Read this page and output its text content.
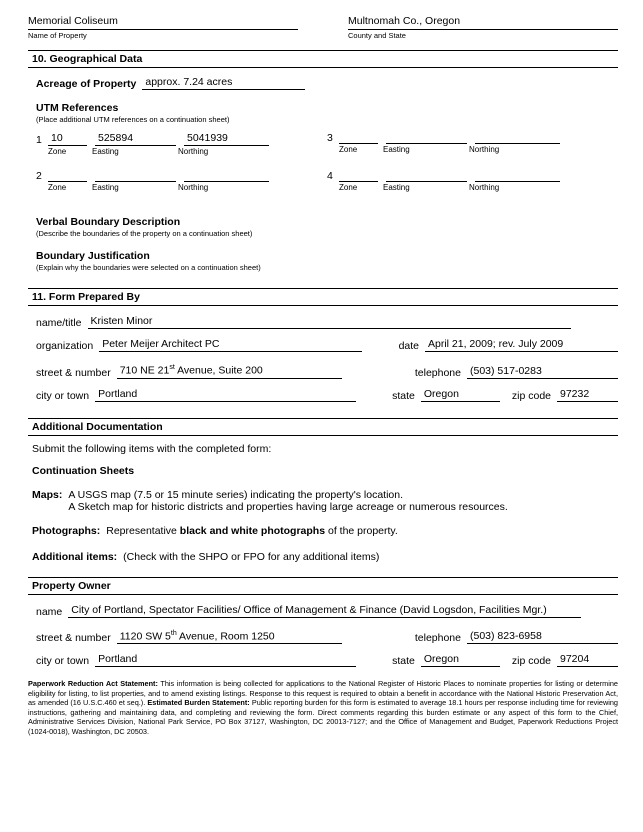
Memorial Coliseum
Name of Property
Multnomah Co., Oregon
County and State
10. Geographical Data
Acreage of Property approx. 7.24 acres
UTM References
(Place additional UTM references on a continuation sheet)
1 10	525894	5041939
Zone	Easting	Northing
3
Zone	Easting	Northing
2
Zone	Easting	Northing
4
Zone	Easting	Northing
Verbal Boundary Description
(Describe the boundaries of the property on a continuation sheet)
Boundary Justification
(Explain why the boundaries were selected on a continuation sheet)
11. Form Prepared By
name/title Kristen Minor
organization Peter Meijer Architect PC	date April 21, 2009; rev. July 2009
street & number 710 NE 21st Avenue, Suite 200	telephone (503) 517-0283
city or town Portland	state Oregon	zip code 97232
Additional Documentation
Submit the following items with the completed form:
Continuation Sheets
Maps: A USGS map (7.5 or 15 minute series) indicating the property's location.
A Sketch map for historic districts and properties having large acreage or numerous resources.
Photographs: Representative black and white photographs of the property.
Additional items: (Check with the SHPO or FPO for any additional items)
Property Owner
name City of Portland, Spectator Facilities/ Office of Management & Finance (David Logsdon, Facilities Mgr.)
street & number 1120 SW 5th Avenue, Room 1250	telephone (503) 823-6958
city or town Portland	state Oregon	zip code 97204
Paperwork Reduction Act Statement: This information is being collected for applications to the National Register of Historic Places to nominate properties for listing or determine eligibility for listing, to list properties, and to amend existing listings. Response to this request is required to obtain a benefit in accordance with the National Historic Preservation Act, as amended (16 U.S.C.460 et seq.). Estimated Burden Statement: Public reporting burden for this form is estimated to average 18.1 hours per response including time for reviewing instructions, gathering and maintaining data, and completing and reviewing the form. Direct comments regarding this burden estimate or any aspect of this form to the Chief, Administrative Services Division, National Park Service, PO Box 37127, Washington, DC 20013-7127; and the Office of Management and Budget, Paperwork Reductions Project (1024-0018), Washington, DC 20503.
